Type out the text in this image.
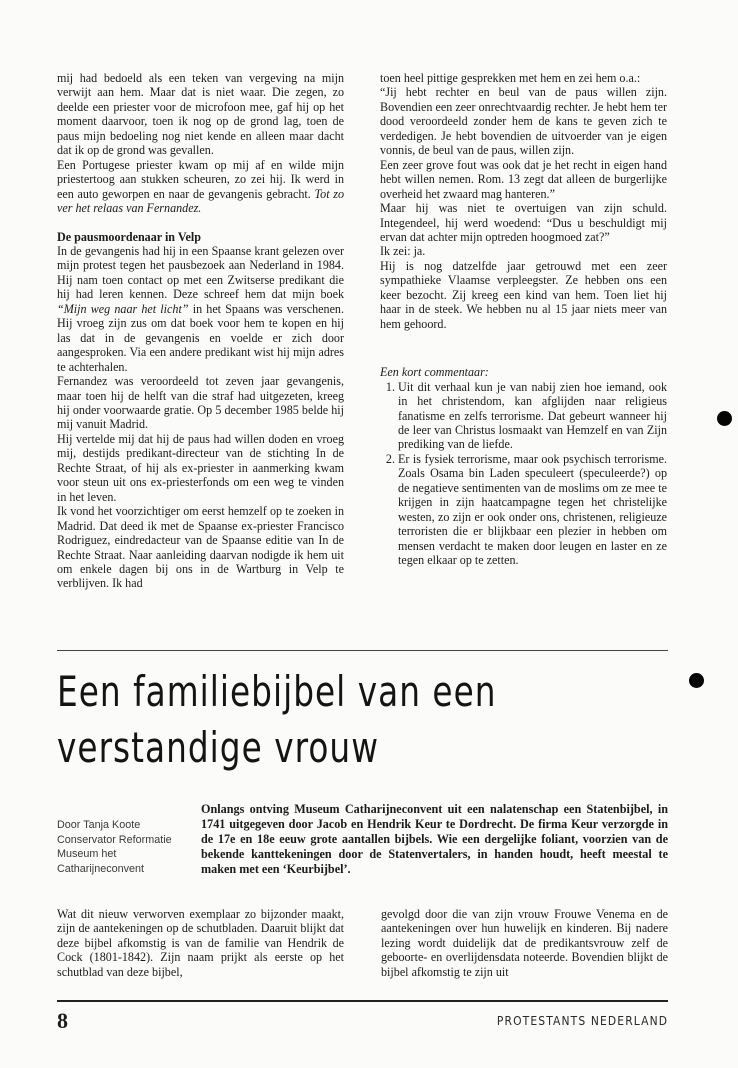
mij had bedoeld als een teken van vergeving na mijn verwijt aan hem. Maar dat is niet waar. Die zegen, zo deelde een priester voor de microfoon mee, gaf hij op het moment daarvoor, toen ik nog op de grond lag, toen de paus mijn bedoeling nog niet kende en alleen maar dacht dat ik op de grond was gevallen.

Een Portugese priester kwam op mij af en wilde mijn priestertoog aan stukken scheuren, zo zei hij. Ik werd in een auto geworpen en naar de gevangenis gebracht. Tot zo ver het relaas van Fernandez.

De pausmoordenaar in Velp

In de gevangenis had hij in een Spaanse krant gelezen over mijn protest tegen het pausbezoek aan Nederland in 1984. Hij nam toen contact op met een Zwitserse predikant die hij had leren kennen. Deze schreef hem dat mijn boek “Mijn weg naar het licht” in het Spaans was verschenen. Hij vroeg zijn zus om dat boek voor hem te kopen en hij las dat in de gevangenis en voelde er zich door aangesproken. Via een andere predikant wist hij mijn adres te achterhalen.

Fernandez was veroordeeld tot zeven jaar gevangenis, maar toen hij de helft van die straf had uitgezeten, kreeg hij onder voorwaarde gratie. Op 5 december 1985 belde hij mij vanuit Madrid.

Hij vertelde mij dat hij de paus had willen doden en vroeg mij, destijds predikant-directeur van de stichting In de Rechte Straat, of hij als ex-priester in aanmerking kwam voor steun uit ons ex-priesterfonds om een weg te vinden in het leven.

Ik vond het voorzichtiger om eerst hemzelf op te zoeken in Madrid. Dat deed ik met de Spaanse ex-priester Francisco Rodriguez, eindredacteur van de Spaanse editie van In de Rechte Straat. Naar aanleiding daarvan nodigde ik hem uit om enkele dagen bij ons in de Wartburg in Velp te verblijven. Ik had

toen heel pittige gesprekken met hem en zei hem o.a.:

“Jij hebt rechter en beul van de paus willen zijn. Bovendien een zeer onrechtvaardig rechter. Je hebt hem ter dood veroordeeld zonder hem de kans te geven zich te verdedigen. Je hebt bovendien de uitvoerder van je eigen vonnis, de beul van de paus, willen zijn.

Een zeer grove fout was ook dat je het recht in eigen hand hebt willen nemen. Rom. 13 zegt dat alleen de burgerlijke overheid het zwaard mag hanteren.”

Maar hij was niet te overtuigen van zijn schuld. Integendeel, hij werd woedend: “Dus u beschuldigt mij ervan dat achter mijn optreden hoogmoed zat?”

Ik zei: ja.

Hij is nog datzelfde jaar getrouwd met een zeer sympathieke Vlaamse verpleegster. Ze hebben ons een keer bezocht. Zij kreeg een kind van hem. Toen liet hij haar in de steek. We hebben nu al 15 jaar niets meer van hem gehoord.

Een kort commentaar:

1. Uit dit verhaal kun je van nabij zien hoe iemand, ook in het christendom, kan afglijden naar religieus fanatisme en zelfs terrorisme. Dat gebeurt wanneer hij de leer van Christus losmaakt van Hemzelf en van Zijn prediking van de liefde.
2. Er is fysiek terrorisme, maar ook psychisch terrorisme. Zoals Osama bin Laden speculeert (speculeerde?) op de negatieve sentimenten van de moslims om ze mee te krijgen in zijn haatcampagne tegen het christelijke westen, zo zijn er ook onder ons, christenen, religieuze terroristen die er blijkbaar een plezier in hebben om mensen verdacht te maken door leugen en laster en ze tegen elkaar op te zetten.
Een familiebijbel van een
verstandige vrouw
Door Tanja Koote
Conservator Reformatie
Museum het
Catharijneconvent
Onlangs ontving Museum Catharijneconvent uit een nalatenschap een Statenbijbel, in 1741 uitgegeven door Jacob en Hendrik Keur te Dordrecht. De firma Keur verzorgde in de 17e en 18e eeuw grote aantallen bijbels. Wie een dergelijke foliant, voorzien van de bekende kanttekeningen door de Statenvertalers, in handen houdt, heeft meestal te maken met een ‘Keurbijbel’.
Wat dit nieuw verworven exemplaar zo bijzonder maakt, zijn de aantekeningen op de schutbladen. Daaruit blijkt dat deze bijbel afkomstig is van de familie van Hendrik de Cock (1801-1842). Zijn naam prijkt als eerste op het schutblad van deze bijbel,
gevolgd door die van zijn vrouw Frouwe Venema en de aantekeningen over hun huwelijk en kinderen. Bij nadere lezing wordt duidelijk dat de predikantsvrouw zelf de geboorte- en overlijdensdata noteerde. Bovendien blijkt de bijbel afkomstig te zijn uit
8	PROTESTANTS NEDERLAND
